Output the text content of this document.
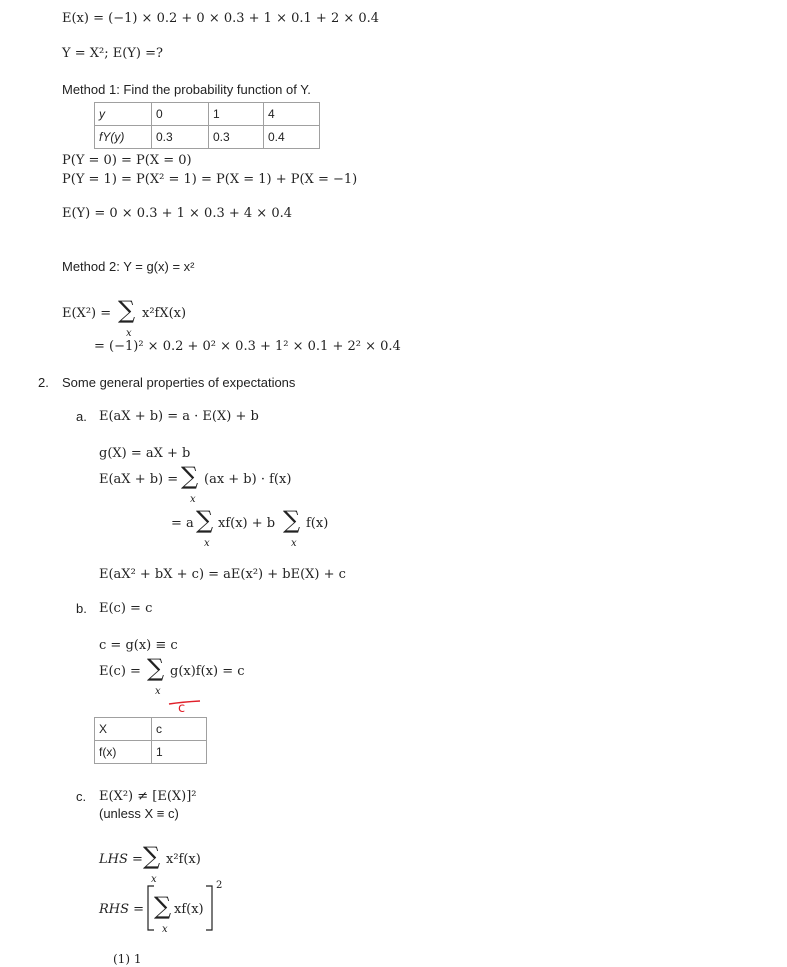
E(x) = (−1) × 0.2 + 0 × 0.3 + 1 × 0.1 + 2 × 0.4
Y = X²; E(Y) =?
Method 1: Find the probability function of Y.
y	0	1	4
fY(y)	0.3	0.3	0.4
P(Y = 0) = P(X = 0)
P(Y = 1) = P(X² = 1) = P(X = 1) + P(X = −1)
E(Y) = 0 × 0.3 + 1 × 0.3 + 4 × 0.4
Method 2: Y = g(x) = x²
E(X²) = ∑
x
x²fX(x)
= (−1)² × 0.2 + 0² × 0.3 + 1² × 0.1 + 2² × 0.4
2. Some general properties of expectations
a. E(aX + b) = a · E(X) + b
g(X) = aX + b
E(aX + b) = ∑
x
(ax + b) · f(x)
= a ∑
x
xf(x) + b ∑
x
f(x)
E(aX² + bX + c) = aE(x²) + bE(X) + c
b. E(c) = c
c = g(x) ≡ c
E(c) = ∑
x
g(x)f(x) = c
c
X	c
f(x)	1
c. E(X²) ≠ [E(X)]²
(unless X ≡ c)
LHS = ∑
x
x²f(x)
RHS = ∑
x
xf(x)
2
(1) 1
